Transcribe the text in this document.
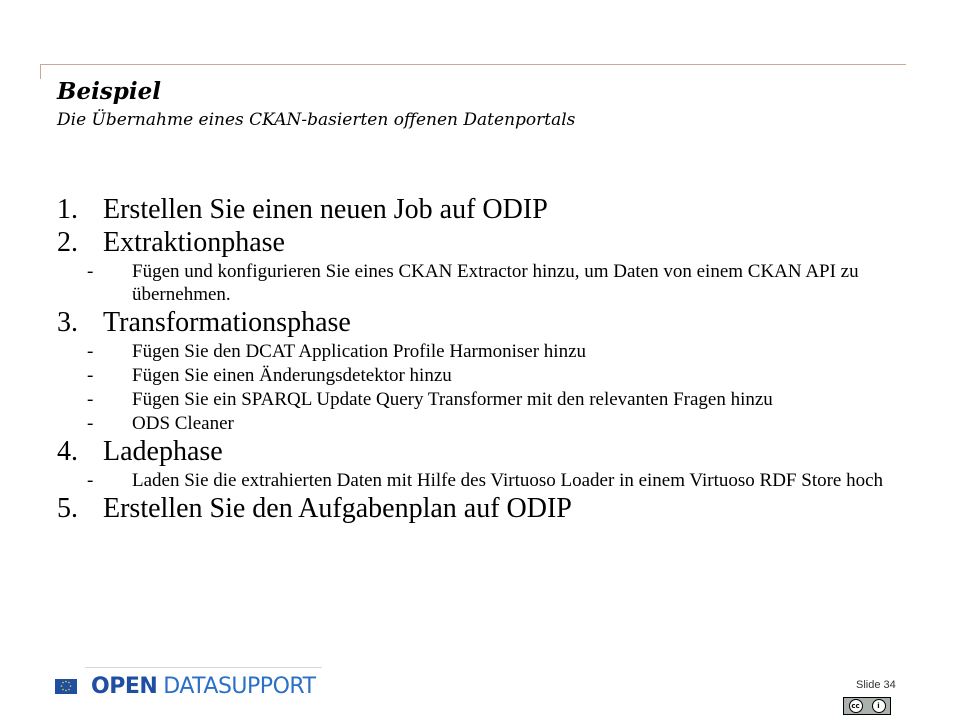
Beispiel
Die Übernahme eines CKAN-basierten offenen Datenportals
1. Erstellen Sie einen neuen Job auf ODIP
2. Extraktionphase
-	Fügen und konfigurieren Sie eines CKAN Extractor hinzu, um Daten von einem CKAN API zu übernehmen.
3. Transformationsphase
-	Fügen Sie den DCAT Application Profile Harmoniser hinzu
-	Fügen Sie einen Änderungsdetektor hinzu
-	Fügen Sie ein SPARQL Update Query Transformer mit den relevanten Fragen hinzu
-	ODS Cleaner
4. Ladephase
-	Laden Sie die extrahierten Daten mit Hilfe des Virtuoso Loader in einem Virtuoso RDF Store hoch
5. Erstellen Sie den Aufgabenplan auf ODIP
OPEN DATA SUPPORT	Slide 34
cc	i
